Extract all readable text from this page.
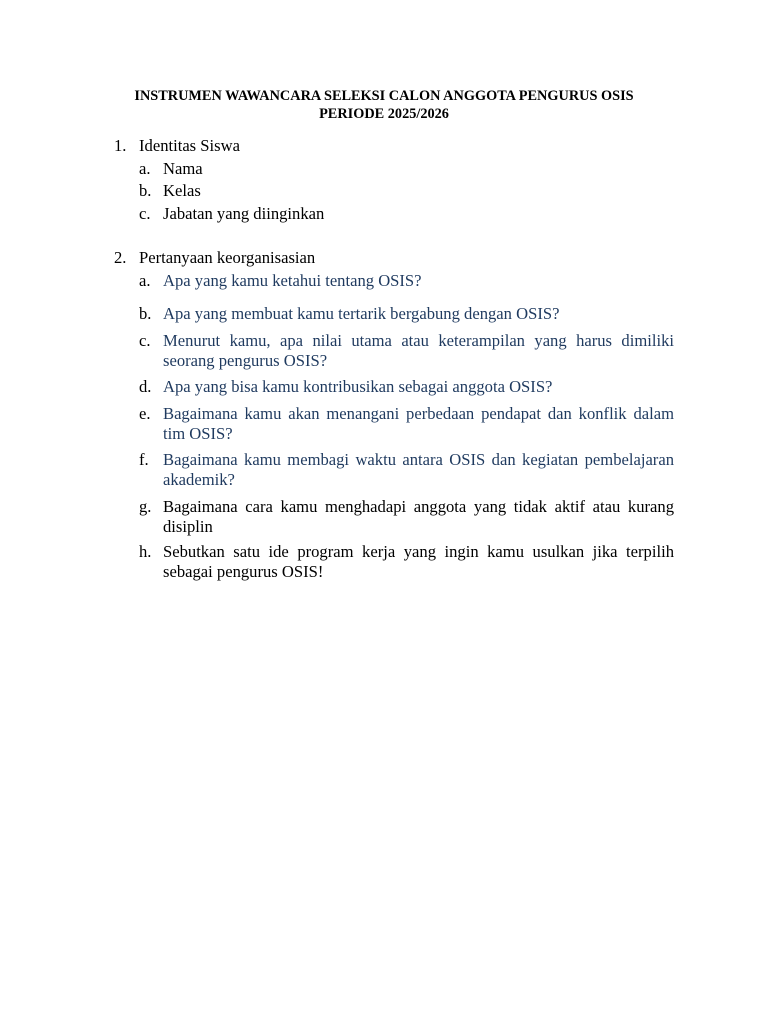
INSTRUMEN WAWANCARA SELEKSI CALON ANGGOTA PENGURUS OSIS
PERIODE 2025/2026
1. Identitas Siswa
a. Nama

b. Kelas

c. Jabatan yang diinginkan

2. Pertanyaan keorganisasian
a. Apa yang kamu ketahui tentang OSIS?

b. Apa yang membuat kamu tertarik bergabung dengan OSIS?

c. Menurut kamu, apa nilai utama atau keterampilan yang harus dimiliki seorang pengurus OSIS?

d. Apa yang bisa kamu kontribusikan sebagai anggota OSIS?

e. Bagaimana kamu akan menangani perbedaan pendapat dan konflik dalam tim OSIS?

f. Bagaimana kamu membagi waktu antara OSIS dan kegiatan pembelajaran akademik?

g. Bagaimana cara kamu menghadapi anggota yang tidak aktif atau kurang disiplin

h. Sebutkan satu ide program kerja yang ingin kamu usulkan jika terpilih sebagai pengurus OSIS!
